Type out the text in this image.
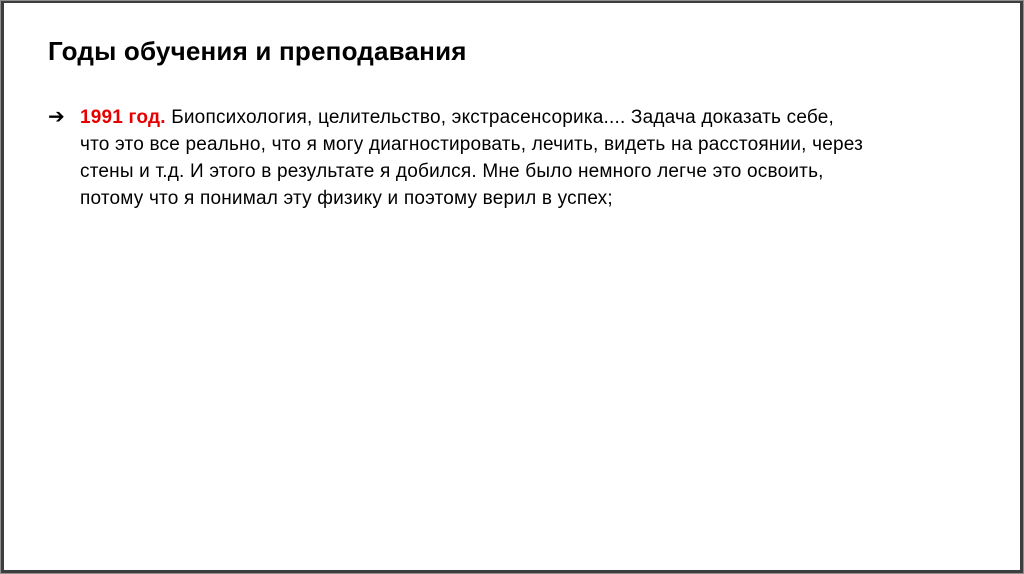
Годы обучения и преподавания
➔ 1991 год. Биопсихология, целительство, экстрасенсорика.... Задача доказать себе,
что это все реально, что я могу диагностировать, лечить, видеть на расстоянии, через
стены и т.д. И этого в результате я добился. Мне было немного легче это освоить,
потому что я понимал эту физику и поэтому верил в успех;
